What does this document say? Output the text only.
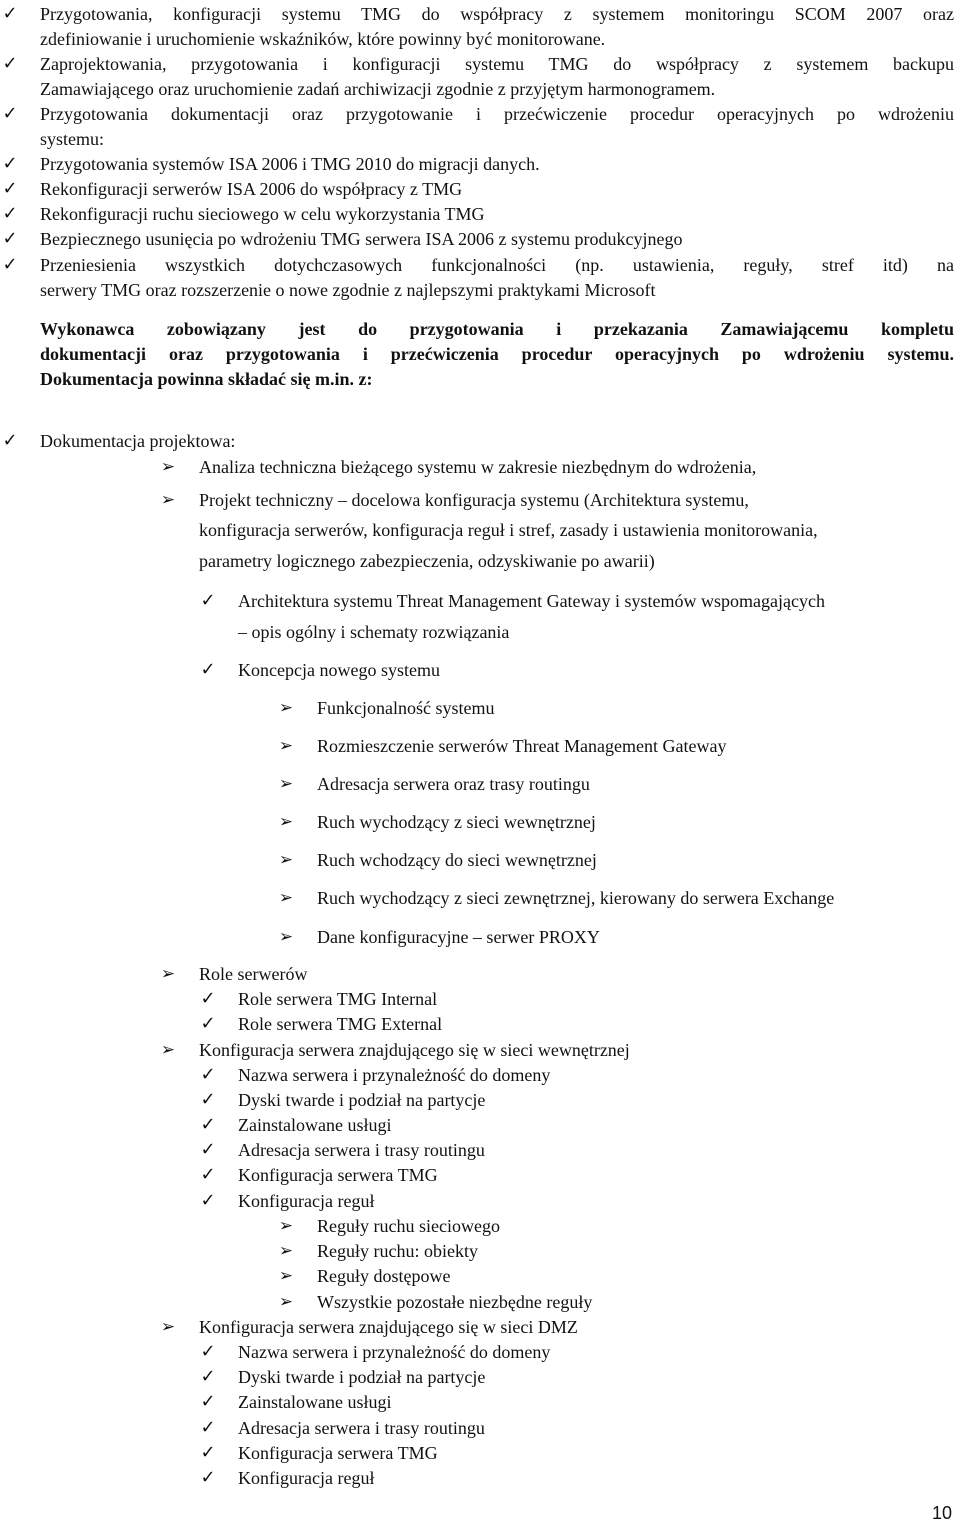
✓ Przygotowania, konfiguracji systemu TMG do współpracy z systemem monitoringu SCOM 2007 oraz
zdefiniowanie i uruchomienie wskaźników, które powinny być monitorowane.
✓ Zaprojektowania, przygotowania i konfiguracji systemu TMG do współpracy z systemem backupu
Zamawiającego oraz uruchomienie zadań archiwizacji zgodnie z przyjętym harmonogramem.
✓ Przygotowania dokumentacji oraz przygotowanie i przećwiczenie procedur operacyjnych po wdrożeniu
systemu:
✓ Przygotowania systemów ISA 2006 i TMG 2010 do migracji danych.
✓ Rekonfiguracji serwerów ISA 2006 do współpracy z TMG
✓ Rekonfiguracji ruchu sieciowego w celu wykorzystania TMG
✓ Bezpiecznego usunięcia po wdrożeniu TMG serwera ISA 2006 z systemu produkcyjnego
✓ Przeniesienia wszystkich dotychczasowych funkcjonalności (np. ustawienia, reguły, stref itd) na
serwery TMG oraz rozszerzenie o nowe zgodnie z najlepszymi praktykami Microsoft
Wykonawca zobowiązany jest do przygotowania i przekazania Zamawiającemu kompletu
dokumentacji oraz przygotowania i przećwiczenia procedur operacyjnych po wdrożeniu systemu.
Dokumentacja powinna składać się m.in. z:
✓ Dokumentacja projektowa:
➢ Analiza techniczna bieżącego systemu w zakresie niezbędnym do wdrożenia,
➢ Projekt techniczny – docelowa konfiguracja systemu (Architektura systemu,
konfiguracja serwerów, konfiguracja reguł i stref, zasady i ustawienia monitorowania,
parametry logicznego zabezpieczenia, odzyskiwanie po awarii)
✓ Architektura systemu Threat Management Gateway i systemów wspomagających
– opis ogólny i schematy rozwiązania
✓ Koncepcja nowego systemu
➢ Funkcjonalność systemu
➢ Rozmieszczenie serwerów Threat Management Gateway
➢ Adresacja serwera oraz trasy routingu
➢ Ruch wychodzący z sieci wewnętrznej
➢ Ruch wchodzący do sieci wewnętrznej
➢ Ruch wychodzący z sieci zewnętrznej, kierowany do serwera Exchange
➢ Dane konfiguracyjne – serwer PROXY
➢ Role serwerów
✓ Role serwera TMG Internal
✓ Role serwera TMG External
➢ Konfiguracja serwera znajdującego się w sieci wewnętrznej
✓ Nazwa serwera i przynależność do domeny
✓ Dyski twarde i podział na partycje
✓ Zainstalowane usługi
✓ Adresacja serwera i trasy routingu
✓ Konfiguracja serwera TMG
✓ Konfiguracja reguł
➢ Reguły ruchu sieciowego
➢ Reguły ruchu: obiekty
➢ Reguły dostępowe
➢ Wszystkie pozostałe niezbędne reguły
➢ Konfiguracja serwera znajdującego się w sieci DMZ
✓ Nazwa serwera i przynależność do domeny
✓ Dyski twarde i podział na partycje
✓ Zainstalowane usługi
✓ Adresacja serwera i trasy routingu
✓ Konfiguracja serwera TMG
✓ Konfiguracja reguł
10
